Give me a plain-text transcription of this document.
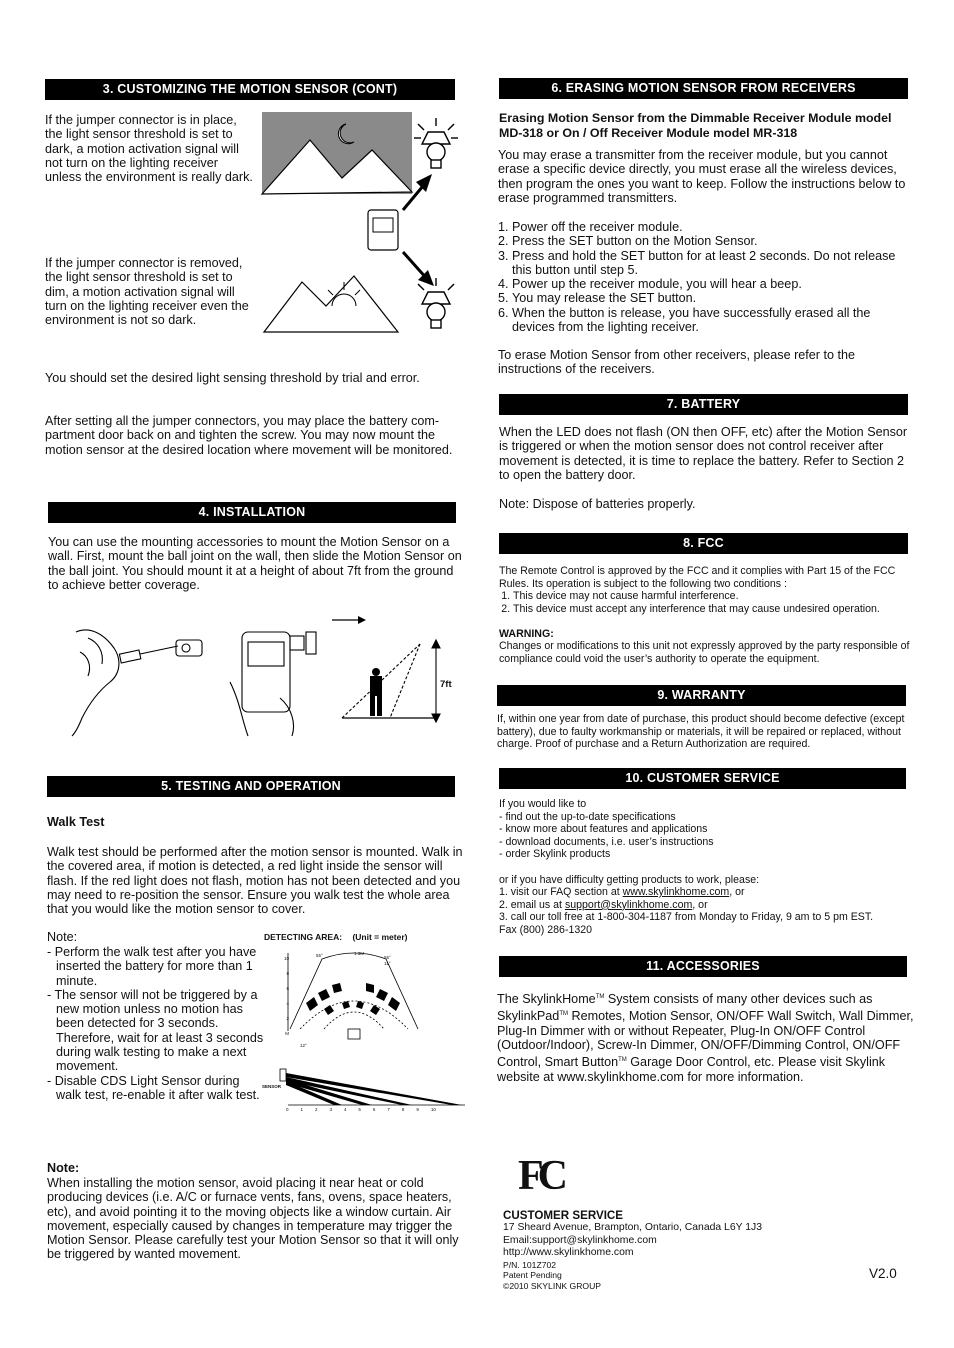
3. CUSTOMIZING THE MOTION SENSOR (CONT)
If the jumper connector is in place, the light sensor threshold is set to dark, a motion activation signal will not turn on the lighting receiver unless the environment is really dark.
If the jumper connector is removed, the light sensor threshold is set to dim, a motion activation signal will turn on the lighting receiver even the environment is not so dark.
You should set the desired light sensing threshold by trial and error.
After setting all the jumper connectors, you may place the battery com-partment door back on and tighten the screw. You may now mount the motion sensor at the desired location where movement will be monitored.
4. INSTALLATION
You can use the mounting accessories to mount the Motion Sensor on a wall. First, mount the ball joint on the wall, then slide the Motion Sensor on the ball joint. You should mount it at a height of about 7ft from the ground to achieve better coverage.
7ft
5. TESTING AND OPERATION
Walk Test
Walk test should be performed after the motion sensor is mounted. Walk in the covered area, if motion is detected, a red light inside the sensor will flash. If the red light does not flash, motion has not been detected and you may need to re-position the sensor. Ensure you walk test the whole area that you would like the motion sensor to cover.
Note:
- Perform the walk test after you have inserted the battery for more than 1 minute.
- The sensor will not be triggered by a new motion unless no motion has been detected for 3 seconds. Therefore, wait for at least 3 seconds during walk testing to make a next movement.
- Disable CDS Light Sensor during walk test, re-enable it after walk test.
DETECTING AREA: (Unit = meter)
10
8
6
4
2
M
55°	1.3M
55°
11°
12°
SENSOR
0	1	2	3	4	5	6	7	8	9	10
Note:
When installing the motion sensor, avoid placing it near heat or cold producing devices (i.e. A/C or furnace vents, fans, ovens, space heaters, etc), and avoid pointing it to the moving objects like a window curtain. Air movement, especially caused by changes in temperature may trigger the Motion Sensor. Please carefully test your Motion Sensor so that it will only be triggered by wanted movement.
6. ERASING MOTION SENSOR FROM RECEIVERS
Erasing Motion Sensor from the Dimmable Receiver Module model MD-318 or On / Off Receiver Module model MR-318
You may erase a transmitter from the receiver module, but you cannot erase a specific device directly, you must erase all the wireless devices, then program the ones you want to keep. Follow the instructions below to erase programmed transmitters.
1. Power off the receiver module.
2. Press the SET button on the Motion Sensor.
3. Press and hold the SET button for at least 2 seconds. Do not release this button until step 5.
4. Power up the receiver module, you will hear a beep.
5. You may release the SET button.
6. When the button is release, you have successfully erased all the devices from the lighting receiver.
To erase Motion Sensor from other receivers, please refer to the instructions of the receivers.
7. BATTERY
When the LED does not flash (ON then OFF, etc) after the Motion Sensor is triggered or when the motion sensor does not control receiver after movement is detected, it is time to replace the battery. Refer to Section 2 to open the battery door.
Note: Dispose of batteries properly.
8. FCC
The Remote Control is approved by the FCC and it complies with Part 15 of the FCC Rules. Its operation is subject to the following two conditions :
1. This device may not cause harmful interference.
2. This device must accept any interference that may cause undesired operation.
WARNING:
Changes or modifications to this unit not expressly approved by the party responsible of compliance could void the user’s authority to operate the equipment.
9. WARRANTY
If, within one year from date of purchase, this product should become defective (except battery), due to faulty workmanship or materials, it will be repaired or replaced, without charge. Proof of purchase and a Return Authorization are required.
10. CUSTOMER SERVICE
If you would like to
- find out the up-to-date specifications
- know more about features and applications
- download documents, i.e. user’s instructions
- order Skylink products
or if you have difficulty getting products to work, please:
1. visit our FAQ section at www.skylinkhome.com, or
2. email us at support@skylinkhome.com, or
3. call our toll free at 1-800-304-1187 from Monday to Friday, 9 am to 5 pm EST.
Fax (800) 286-1320
11. ACCESSORIES
The SkylinkHome™ System consists of many other devices such as SkylinkPad™ Remotes, Motion Sensor, ON/OFF Wall Switch, Wall Dimmer, Plug-In Dimmer with or without Repeater, Plug-In ON/OFF Control (Outdoor/Indoor), Screw-In Dimmer, ON/OFF/Dimming Control, ON/OFF Control, Smart Button™ Garage Door Control, etc. Please visit Skylink website at www.skylinkhome.com for more information.
FC
CUSTOMER SERVICE
17 Sheard Avenue, Brampton, Ontario, Canada L6Y 1J3
Email:support@skylinkhome.com
http://www.skylinkhome.com
P/N. 101Z702
Patent Pending
©2010 SKYLINK GROUP
V2.0
